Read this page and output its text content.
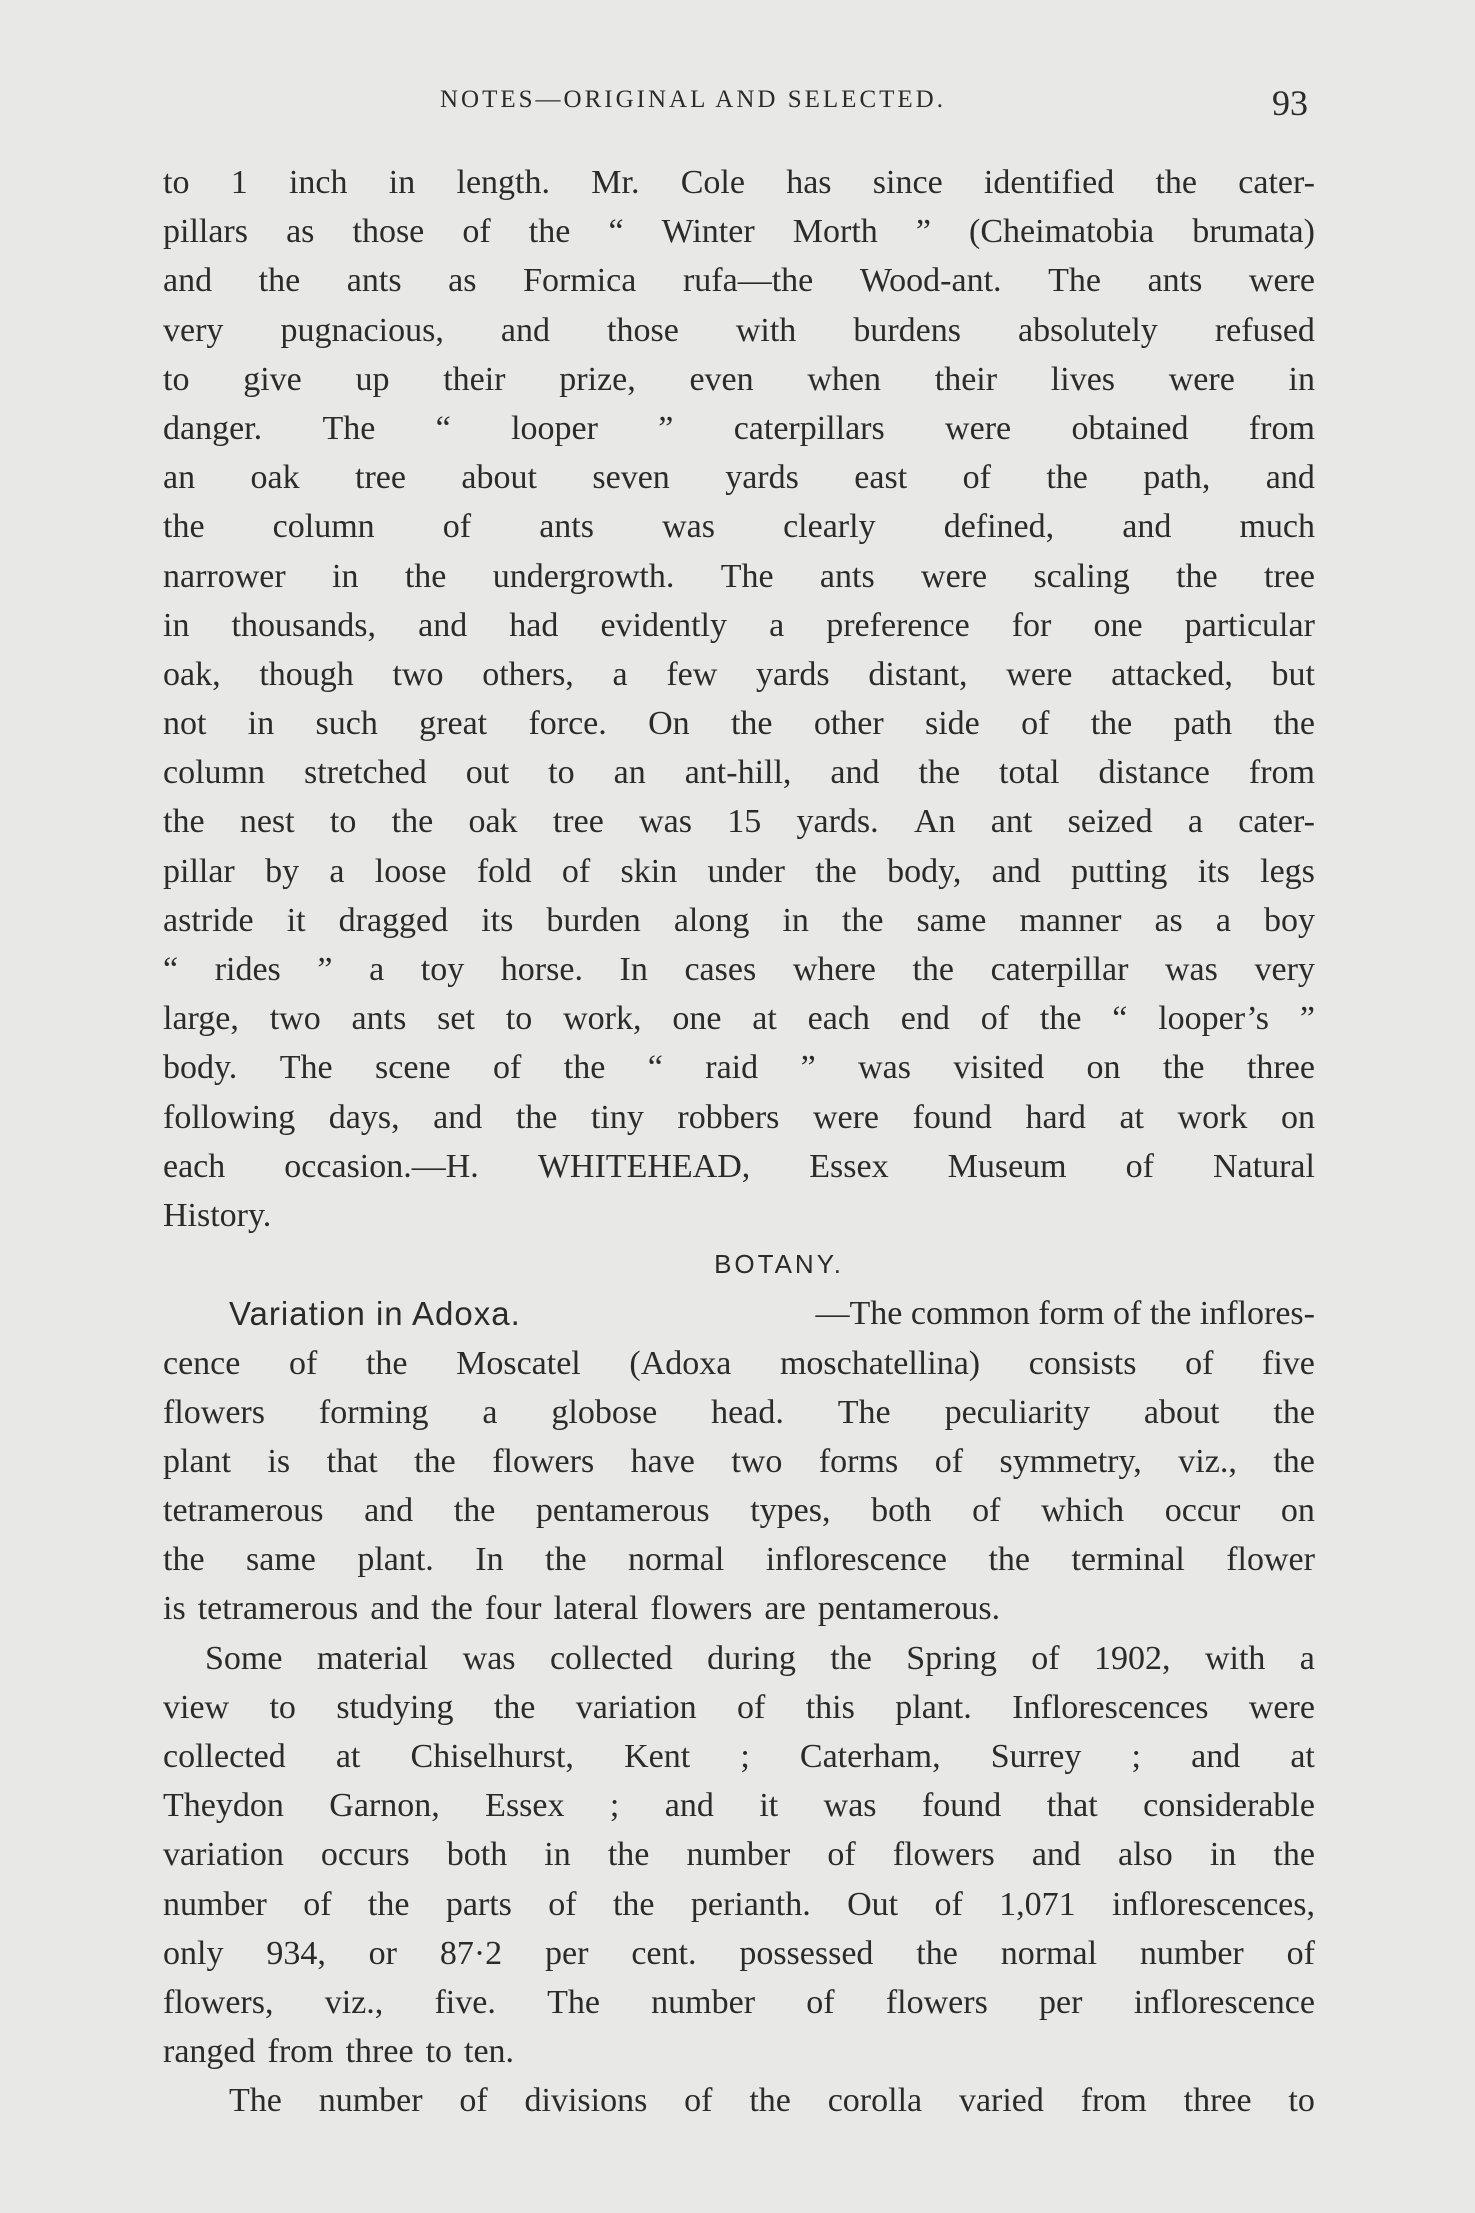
NOTES—ORIGINAL AND SELECTED.	93
to 1 inch in length. Mr. Cole has since identified the cater-
pillars as those of the “ Winter Morth ” (Cheimatobia brumata)
and the ants as Formica rufa—the Wood-ant. The ants were
very pugnacious, and those with burdens absolutely refused
to give up their prize, even when their lives were in
danger. The “ looper ” caterpillars were obtained from
an oak tree about seven yards east of the path, and
the column of ants was clearly defined, and much
narrower in the undergrowth. The ants were scaling the tree
in thousands, and had evidently a preference for one particular
oak, though two others, a few yards distant, were attacked, but
not in such great force. On the other side of the path the
column stretched out to an ant-hill, and the total distance from
the nest to the oak tree was 15 yards. An ant seized a cater-
pillar by a loose fold of skin under the body, and putting its legs
astride it dragged its burden along in the same manner as a boy
“ rides ” a toy horse. In cases where the caterpillar was very
large, two ants set to work, one at each end of the “ looper’s ”
body. The scene of the “ raid ” was visited on the three
following days, and the tiny robbers were found hard at work on
each occasion.—H. WHITEHEAD, Essex Museum of Natural
History.
BOTANY.
Variation in Adoxa.	—The common form of the inflores-
cence of the Moscatel (Adoxa moschatellina) consists of five
flowers forming a globose head. The peculiarity about the
plant is that the flowers have two forms of symmetry, viz., the
tetramerous and the pentamerous types, both of which occur on
the same plant. In the normal inflorescence the terminal flower
is tetramerous and the four lateral flowers are pentamerous.
Some material was collected during the Spring of 1902, with a
view to studying the variation of this plant. Inflorescences were
collected at Chiselhurst, Kent ; Caterham, Surrey ; and at
Theydon Garnon, Essex ; and it was found that considerable
variation occurs both in the number of flowers and also in the
number of the parts of the perianth. Out of 1,071 inflorescences,
only 934, or 87·2 per cent. possessed the normal number of
flowers, viz., five. The number of flowers per inflorescence
ranged from three to ten.
The number of divisions of the corolla varied from three to
